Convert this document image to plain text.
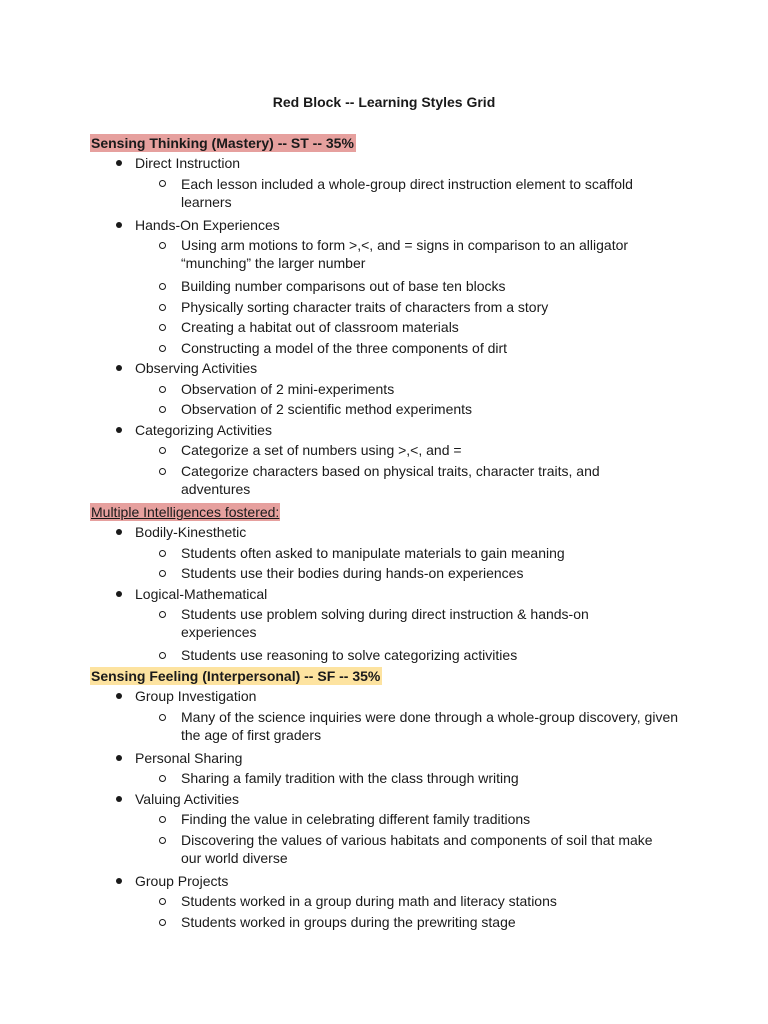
Red Block -- Learning Styles Grid
Sensing Thinking (Mastery) -- ST -- 35%
Direct Instruction
Each lesson included a whole-group direct instruction element to scaffold learners
Hands-On Experiences
Using arm motions to form >,<, and = signs in comparison to an alligator “munching” the larger number
Building number comparisons out of base ten blocks
Physically sorting character traits of characters from a story
Creating a habitat out of classroom materials
Constructing a model of the three components of dirt
Observing Activities
Observation of 2 mini-experiments
Observation of 2 scientific method experiments
Categorizing Activities
Categorize a set of numbers using >,<, and =
Categorize characters based on physical traits, character traits, and adventures
Multiple Intelligences fostered:
Bodily-Kinesthetic
Students often asked to manipulate materials to gain meaning
Students use their bodies during hands-on experiences
Logical-Mathematical
Students use problem solving during direct instruction & hands-on experiences
Students use reasoning to solve categorizing activities
Sensing Feeling (Interpersonal) -- SF -- 35%
Group Investigation
Many of the science inquiries were done through a whole-group discovery, given the age of first graders
Personal Sharing
Sharing a family tradition with the class through writing
Valuing Activities
Finding the value in celebrating different family traditions
Discovering the values of various habitats and components of soil that make our world diverse
Group Projects
Students worked in a group during math and literacy stations
Students worked in groups during the prewriting stage
